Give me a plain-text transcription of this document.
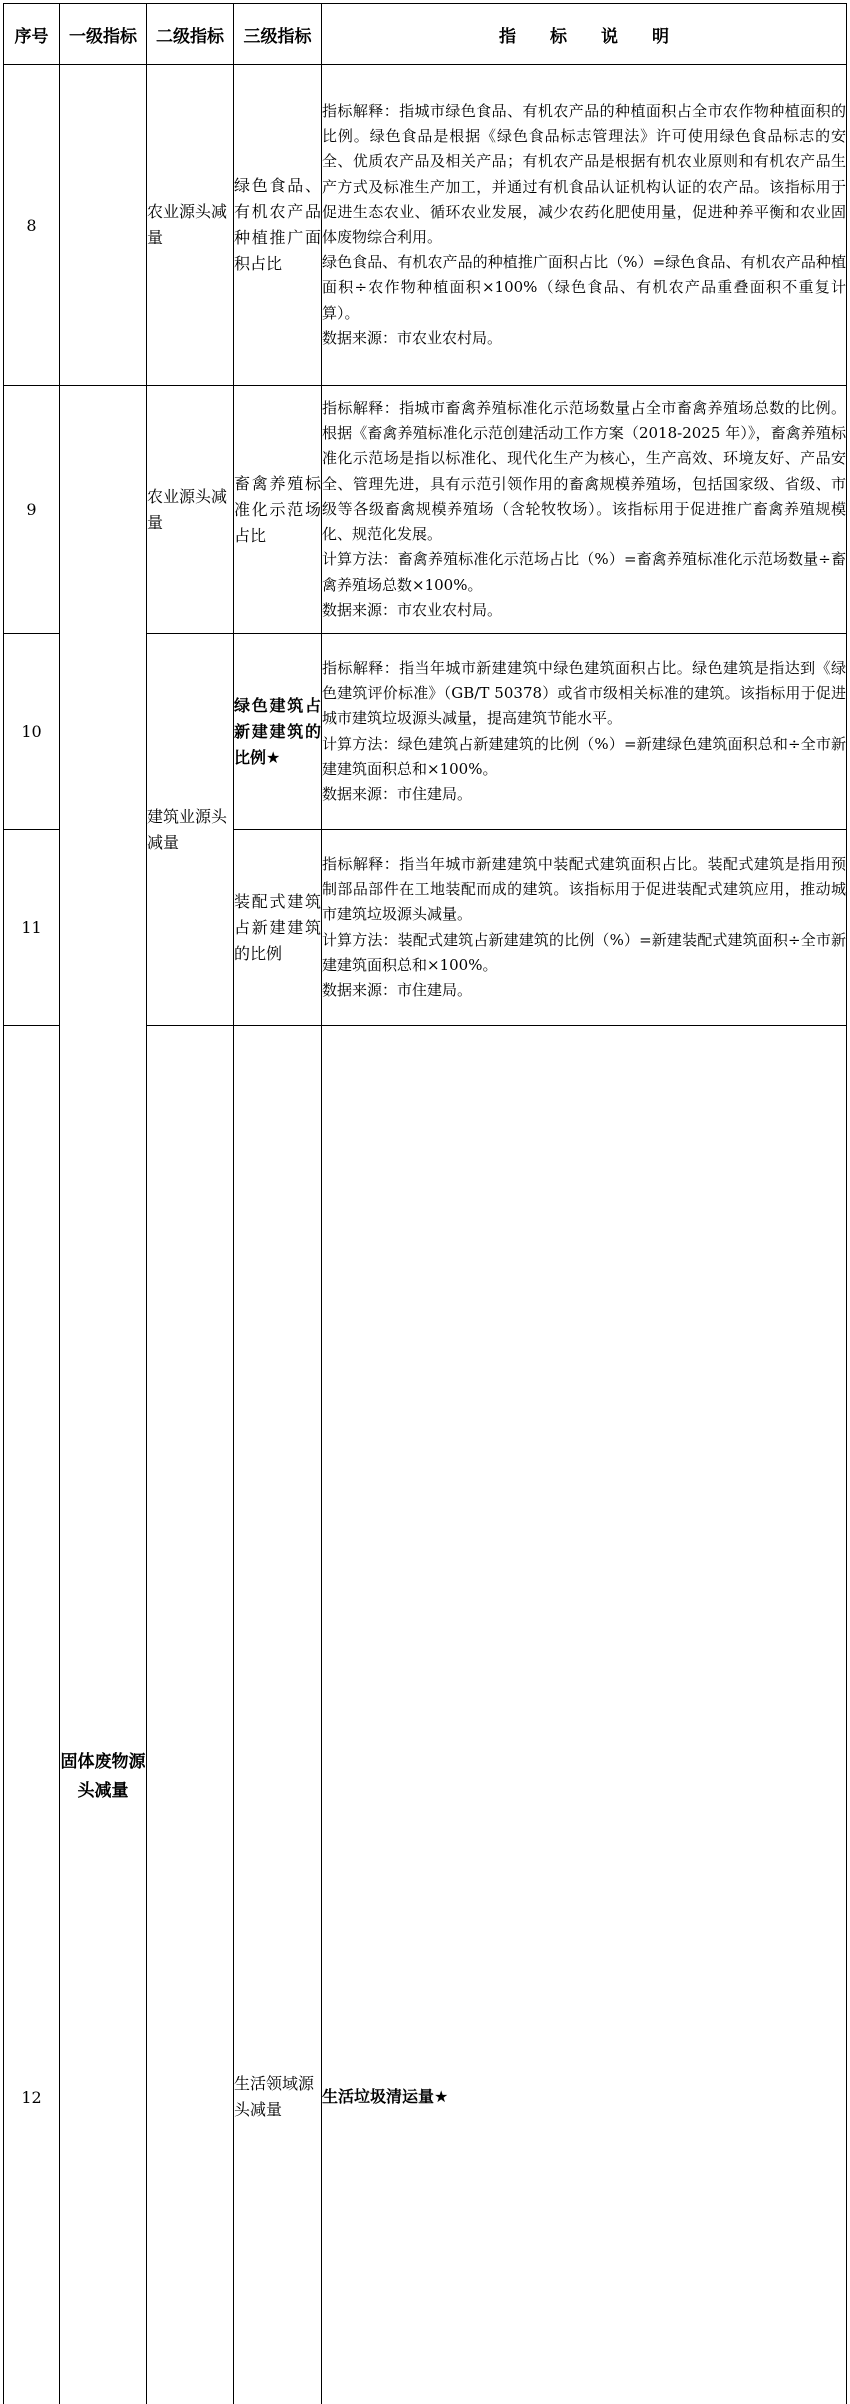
序号	一级指标	二级指标	三级指标	指　　标　　说　　明	
8		农业源头减量	绿色食品、有机农产品种植推广面积占比	指标解释：指城市绿色食品、有机农产品的种植面积占全市农作物种植面积的比例。绿色食品是根据《绿色食品标志管理法》许可使用绿色食品标志的安全、优质农产品及相关产品；有机农产品是根据有机农业原则和有机农产品生产方式及标准生产加工，并通过有机食品认证机构认证的农产品。该指标用于促进生态农业、循环农业发展，减少农药化肥使用量，促进种养平衡和农业固体废物综合利用。

绿色食品、有机农产品的种植推广面积占比（%）=绿色食品、有机农产品种植面积÷农作物种植面积×100%（绿色食品、有机农产品重叠面积不重复计算）。

数据来源：市农业农村局。	

9	固体废物源头减量	农业源头减量	畜禽养殖标准化示范场占比	指标解释：指城市畜禽养殖标准化示范场数量占全市畜禽养殖场总数的比例。根据《畜禽养殖标准化示范创建活动工作方案（2018-2025 年）》，畜禽养殖标准化示范场是指以标准化、现代化生产为核心，生产高效、环境友好、产品安全、管理先进，具有示范引领作用的畜禽规模养殖场，包括国家级、省级、市级等各级畜禽规模养殖场（含轮牧牧场）。该指标用于促进推广畜禽养殖规模化、规范化发展。

计算方法：畜禽养殖标准化示范场占比（%）=畜禽养殖标准化示范场数量÷畜禽养殖场总数×100%。

数据来源：市农业农村局。	

10		建筑业源头减量	绿色建筑占新建建筑的比例★	指标解释：指当年城市新建建筑中绿色建筑面积占比。绿色建筑是指达到《绿色建筑评价标准》（GB/T 50378）或省市级相关标准的建筑。该指标用于促进城市建筑垃圾源头减量，提高建筑节能水平。

计算方法：绿色建筑占新建建筑的比例（%）=新建绿色建筑面积总和÷全市新建建筑面积总和×100%。

数据来源：市住建局。	

11			装配式建筑占新建建筑的比例	指标解释：指当年城市新建建筑中装配式建筑面积占比。装配式建筑是指用预制部品部件在工地装配而成的建筑。该指标用于促进装配式建筑应用，推动城市建筑垃圾源头减量。

计算方法：装配式建筑占新建建筑的比例（%）=新建装配式建筑面积÷全市新建建筑面积总和×100%。

数据来源：市住建局。	

12			生活领域源头减量	生活垃圾清运量★	
